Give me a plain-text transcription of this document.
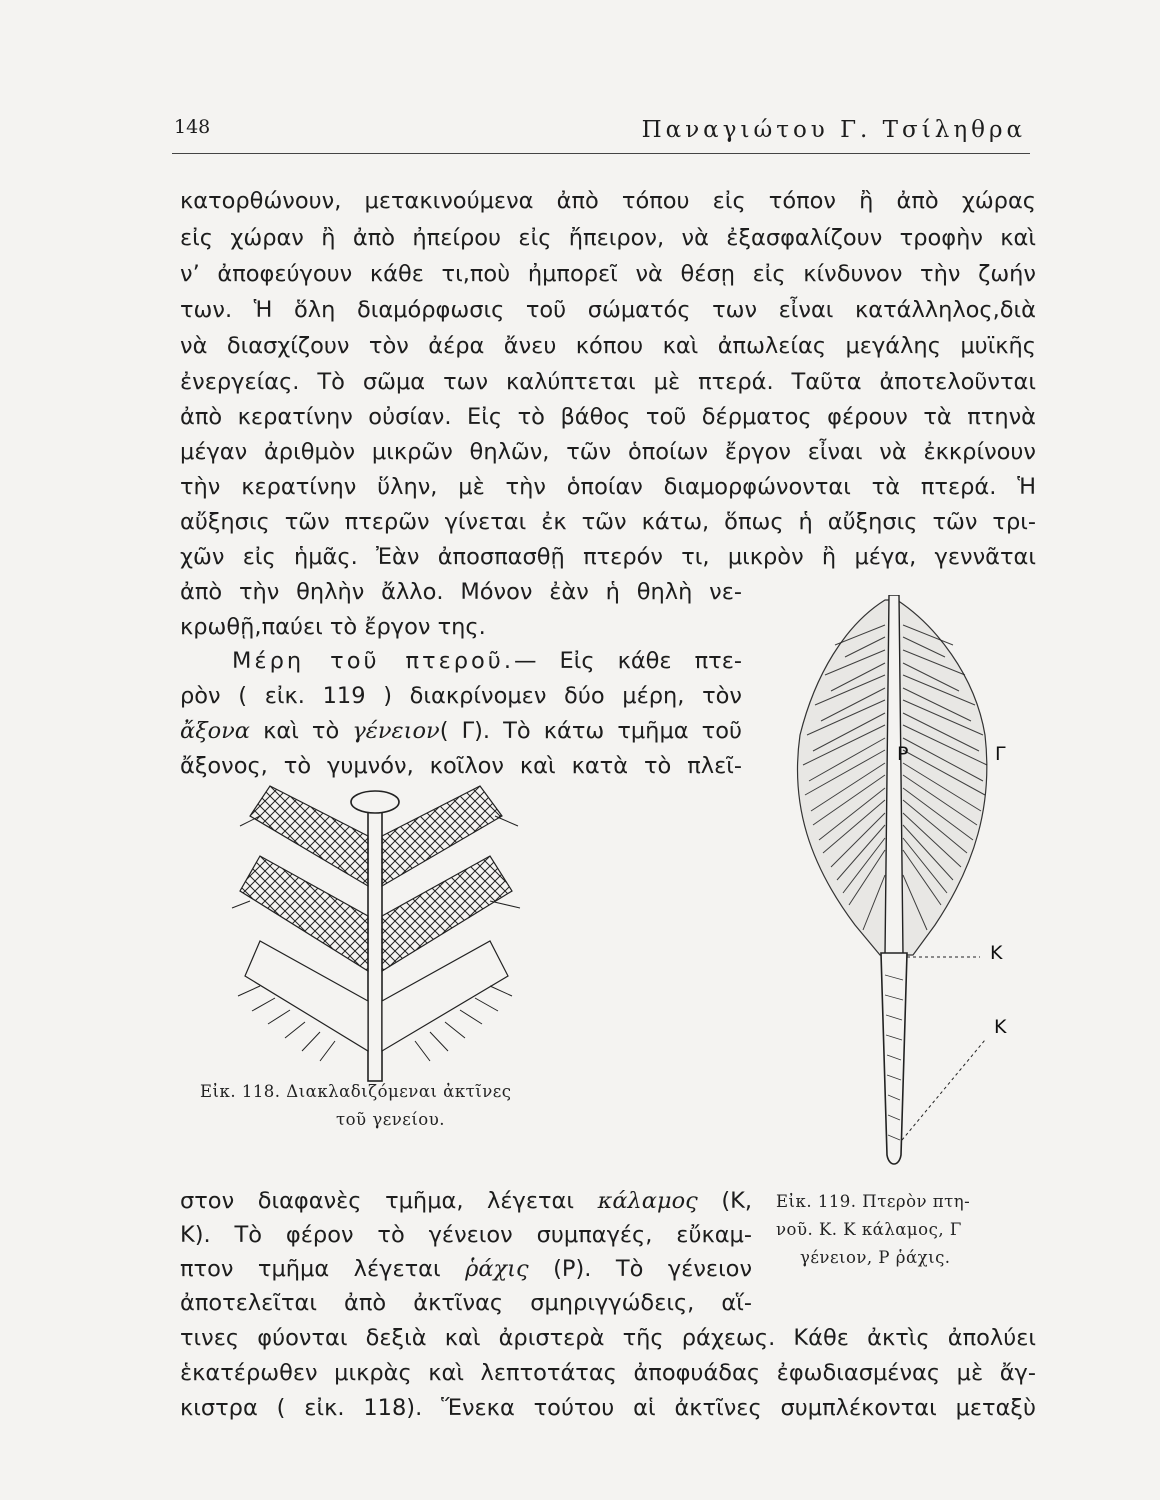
148	Παναγιώτου Γ. Τσίληθρα
κατορθώνουν, μετακινούμενα ἀπὸ τόπου εἰς τόπον ἢ ἀπὸ χώρας
εἰς χώραν ἢ ἀπὸ ἠπείρου εἰς ἤπειρον, νὰ ἐξασφαλίζουν τροφὴν καὶ
ν’ ἀποφεύγουν κάθε τι,ποὺ ἠμπορεῖ νὰ θέσῃ εἰς κίνδυνον τὴν ζωήν
των. Ἡ ὅλη διαμόρφωσις τοῦ σώματός των εἶναι κατάλληλος,διὰ
νὰ διασχίζουν τὸν ἀέρα ἄνευ κόπου καὶ ἀπωλείας μεγάλης μυϊκῆς
ἐνεργείας. Τὸ σῶμα των καλύπτεται μὲ πτερά. Ταῦτα ἀποτελοῦνται
ἀπὸ κερατίνην οὐσίαν. Εἰς τὸ βάθος τοῦ δέρματος φέρουν τὰ πτηνὰ
μέγαν ἀριθμὸν μικρῶν θηλῶν, τῶν ὁποίων ἔργον εἶναι νὰ ἐκκρίνουν
τὴν κερατίνην ὕλην, μὲ τὴν ὁποίαν διαμορφώνονται τὰ πτερά. Ἡ
αὔξησις τῶν πτερῶν γίνεται ἐκ τῶν κάτω, ὅπως ἡ αὔξησις τῶν τρι-
χῶν εἰς ἡμᾶς. Ἐὰν ἀποσπασθῇ πτερόν τι, μικρὸν ἢ μέγα, γεννᾶται
ἀπὸ τὴν θηλὴν ἄλλο. Μόνον ἐὰν ἡ θηλὴ νε-
κρωθῇ,παύει τὸ ἔργον της.
Μέρη τοῦ πτεροῦ.— Εἰς κάθε πτε-
ρὸν ( εἰκ. 119 ) διακρίνομεν δύο μέρη, τὸν
ἄξονα καὶ τὸ γένειον( Γ). Τὸ κάτω τμῆμα τοῦ
ἄξονος, τὸ γυμνόν, κοῖλον καὶ κατὰ τὸ πλεῖ-
Εἰκ. 118. Διακλαδιζόμεναι ἀκτῖνες
τοῦ γενείου.
P	Γ
K
K
Εἰκ. 119. Πτερὸν πτη-
νοῦ. Κ. Κ κάλαμος, Γ
γένειον, Ρ ῥάχις.
στον διαφανὲς τμῆμα, λέγεται κάλαμος (Κ,
Κ). Τὸ φέρον τὸ γένειον συμπαγές, εὔκαμ-
πτον τμῆμα λέγεται ῥάχις (Ρ). Τὸ γένειον
ἀποτελεῖται ἀπὸ ἀκτῖνας σμηριγγώδεις, αἵ-
τινες φύονται δεξιὰ καὶ ἀριστερὰ τῆς ράχεως. Κάθε ἀκτὶς ἀπολύει
ἑκατέρωθεν μικρὰς καὶ λεπτοτάτας ἀποφυάδας ἐφωδιασμένας μὲ ἄγ-
κιστρα ( εἰκ. 118). Ἕνεκα τούτου αἱ ἀκτῖνες συμπλέκονται μεταξὺ
